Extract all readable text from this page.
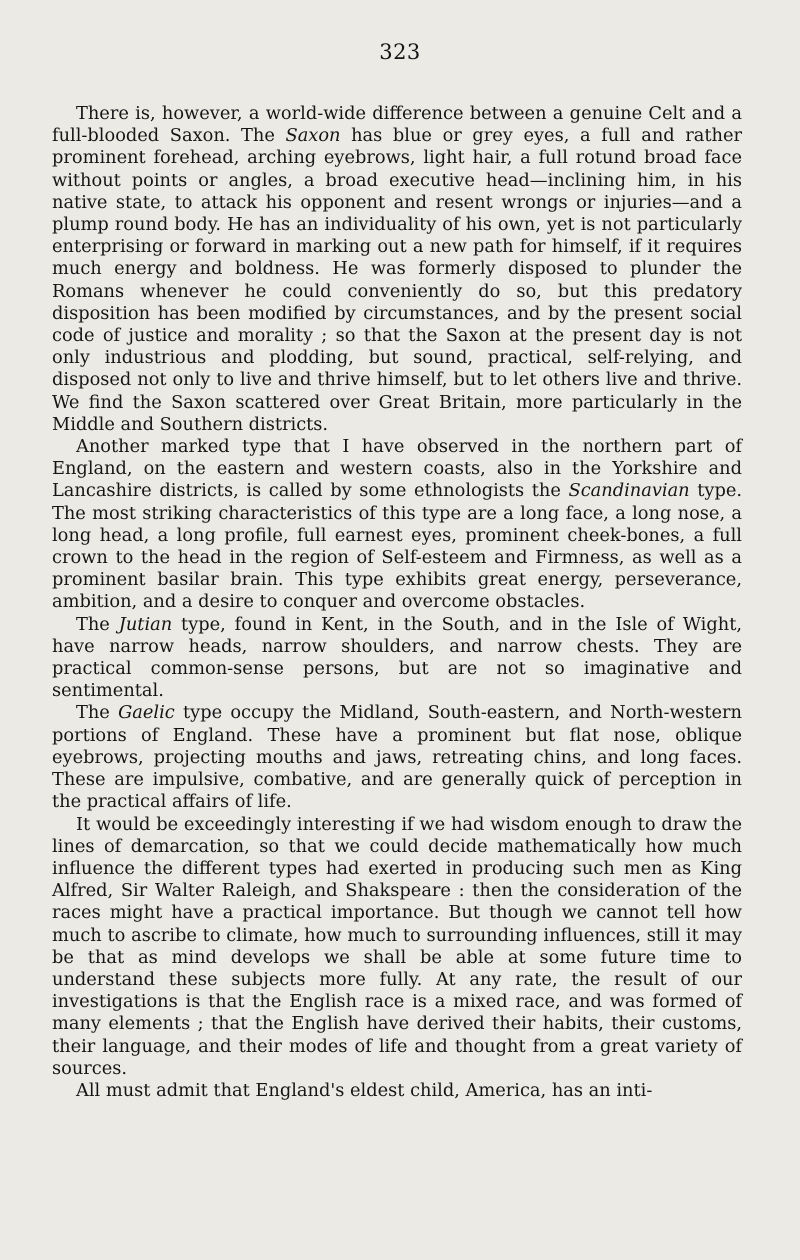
323

There is, however, a world-wide difference between a genuine Celt and a full-blooded Saxon. The Saxon has blue or grey eyes, a full and rather prominent forehead, arching eyebrows, light hair, a full rotund broad face without points or angles, a broad executive head—inclining him, in his native state, to attack his opponent and resent wrongs or injuries—and a plump round body. He has an individuality of his own, yet is not particularly enterprising or forward in marking out a new path for himself, if it requires much energy and boldness. He was formerly disposed to plunder the Romans whenever he could conveniently do so, but this predatory disposition has been modified by circumstances, and by the present social code of justice and morality ; so that the Saxon at the present day is not only industrious and plodding, but sound, practical, self-relying, and disposed not only to live and thrive himself, but to let others live and thrive. We find the Saxon scattered over Great Britain, more particularly in the Middle and Southern districts.

Another marked type that I have observed in the northern part of England, on the eastern and western coasts, also in the Yorkshire and Lancashire districts, is called by some ethnologists the Scandinavian type. The most striking characteristics of this type are a long face, a long nose, a long head, a long profile, full earnest eyes, prominent cheek-bones, a full crown to the head in the region of Self-esteem and Firmness, as well as a prominent basilar brain. This type exhibits great energy, perseverance, ambition, and a desire to conquer and overcome obstacles.

The Jutian type, found in Kent, in the South, and in the Isle of Wight, have narrow heads, narrow shoulders, and narrow chests. They are practical common-sense persons, but are not so imaginative and sentimental.

The Gaelic type occupy the Midland, South-eastern, and North-western portions of England. These have a prominent but flat nose, oblique eyebrows, projecting mouths and jaws, retreating chins, and long faces. These are impulsive, combative, and are generally quick of perception in the practical affairs of life.

It would be exceedingly interesting if we had wisdom enough to draw the lines of demarcation, so that we could decide mathematically how much influence the different types had exerted in producing such men as King Alfred, Sir Walter Raleigh, and Shakspeare : then the consideration of the races might have a practical importance. But though we cannot tell how much to ascribe to climate, how much to surrounding influences, still it may be that as mind develops we shall be able at some future time to understand these subjects more fully. At any rate, the result of our investigations is that the English race is a mixed race, and was formed of many elements ; that the English have derived their habits, their customs, their language, and their modes of life and thought from a great variety of sources.

All must admit that England's eldest child, America, has an inti-
